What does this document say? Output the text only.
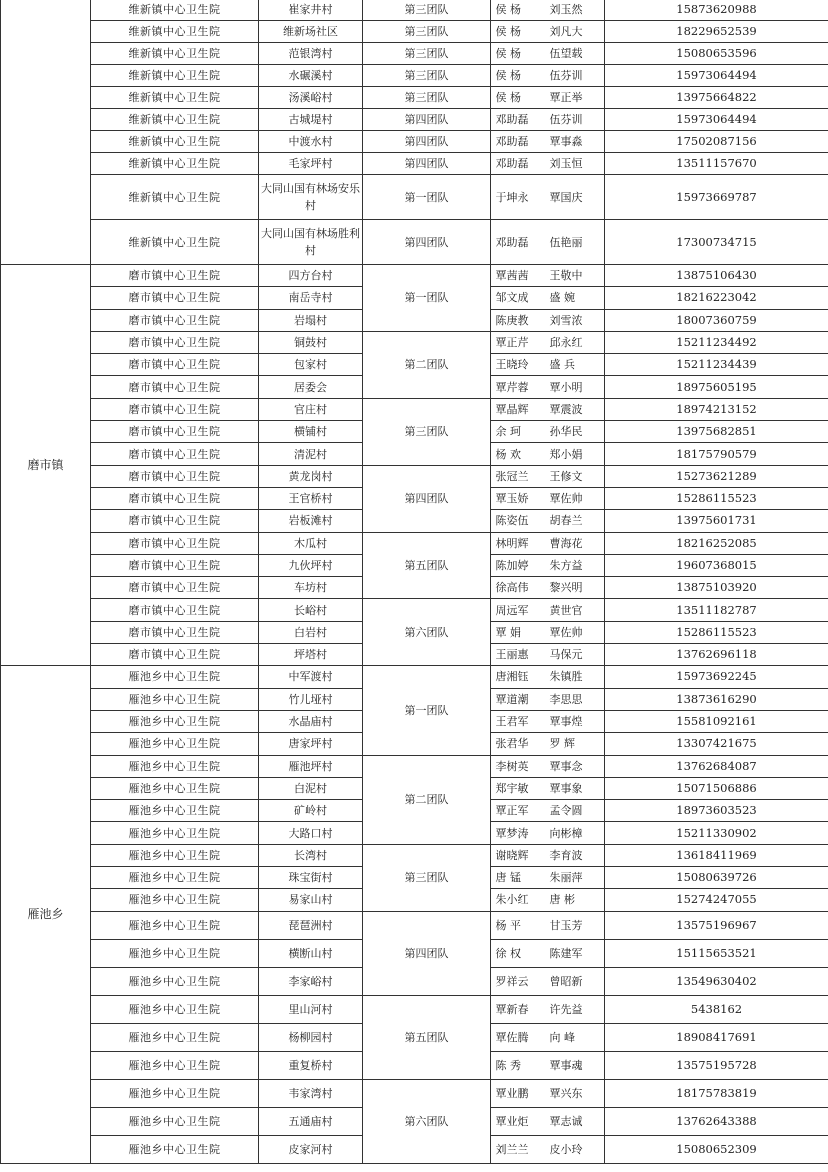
	维新镇中心卫生院	崔家井村	第三团队	侯 杨 刘玉然	15873620988
	维新镇中心卫生院	维新场社区	第三团队	侯 杨 刘凡大	18229652539
	维新镇中心卫生院	范银湾村	第三团队	侯 杨 伍望载	15080653596
	维新镇中心卫生院	水碾溪村	第三团队	侯 杨 伍芬训	15973064494
	维新镇中心卫生院	汤溪峪村	第三团队	侯 杨 覃正举	13975664822
	维新镇中心卫生院	古城堤村	第四团队	邓助磊 伍芬训	15973064494
	维新镇中心卫生院	中渡水村	第四团队	邓助磊 覃事淼	17502087156
	维新镇中心卫生院	毛家坪村	第四团队	邓助磊 刘玉恒	13511157670
	维新镇中心卫生院	大同山国有林场安乐村	第一团队	于坤永 覃国庆	15973669787
	维新镇中心卫生院	大同山国有林场胜利村	第四团队	邓助磊 伍艳丽	17300734715
磨市镇	磨市镇中心卫生院	四方台村	第一团队	覃茜茜 王敬中	13875106430
	磨市镇中心卫生院	南岳寺村		邹文成 盛 婉	18216223042
	磨市镇中心卫生院	岩塌村		陈庚教 刘雪浓	18007360759
	磨市镇中心卫生院	铜鼓村	第二团队	覃正芹 邱永红	15211234492
	磨市镇中心卫生院	包家村		王晓玲 盛 兵	15211234439
	磨市镇中心卫生院	居委会		覃芹蓉 覃小明	18975605195
	磨市镇中心卫生院	官庄村	第三团队	覃晶辉 覃震波	18974213152
	磨市镇中心卫生院	横铺村		余 珂 孙华民	13975682851
	磨市镇中心卫生院	清泥村		杨 欢 郑小娟	18175790579
	磨市镇中心卫生院	黄龙岗村	第四团队	张冠兰 王修文	15273621289
	磨市镇中心卫生院	王官桥村		覃玉娇 覃佐帅	15286115523
	磨市镇中心卫生院	岩板滩村		陈姿伍 胡春兰	13975601731
	磨市镇中心卫生院	木瓜村	第五团队	林明辉 曹海花	18216252085
	磨市镇中心卫生院	九伙坪村		陈加婷 朱方益	19607368015
	磨市镇中心卫生院	车坊村		徐高伟 黎兴明	13875103920
	磨市镇中心卫生院	长峪村	第六团队	周远军 黄世官	13511182787
	磨市镇中心卫生院	白岩村		覃 娟 覃佐帅	15286115523
	磨市镇中心卫生院	坪塔村		王丽惠 马保元	13762696118
雁池乡	雁池乡中心卫生院	中军渡村	第一团队	唐湘钰 朱镇胜	15973692245
	雁池乡中心卫生院	竹儿垭村		覃道潮 李思思	13873616290
	雁池乡中心卫生院	水晶庙村		王君军 覃事煌	15581092161
	雁池乡中心卫生院	唐家坪村		张君华 罗 辉	13307421675
	雁池乡中心卫生院	雁池坪村	第二团队	李树英 覃事念	13762684087
	雁池乡中心卫生院	白泥村		郑宇敏 覃事象	15071506886
	雁池乡中心卫生院	矿岭村		覃正军 孟令圆	18973603523
	雁池乡中心卫生院	大路口村		覃梦涛 向彬樟	15211330902
	雁池乡中心卫生院	长湾村	第三团队	谢晓辉 李育波	13618411969
	雁池乡中心卫生院	珠宝街村		唐 锰 朱丽萍	15080639726
	雁池乡中心卫生院	易家山村		朱小红 唐 彬	15274247055
	雁池乡中心卫生院	琵琶洲村	第四团队	杨 平 甘玉芳	13575196967
	雁池乡中心卫生院	横断山村		徐 权 陈建军	15115653521
	雁池乡中心卫生院	李家峪村		罗祥云 曾昭新	13549630402
	雁池乡中心卫生院	里山河村	第五团队	覃新春 许先益	5438162
	雁池乡中心卫生院	杨柳园村		覃佐腾 向 峰	18908417691
	雁池乡中心卫生院	重复桥村		陈 秀 覃事魂	13575195728
	雁池乡中心卫生院	韦家湾村	第六团队	覃业鹏 覃兴东	18175783819
	雁池乡中心卫生院	五通庙村		覃业炬 覃志诚	13762643388
	雁池乡中心卫生院	皮家河村		刘兰兰 皮小玲	15080652309
